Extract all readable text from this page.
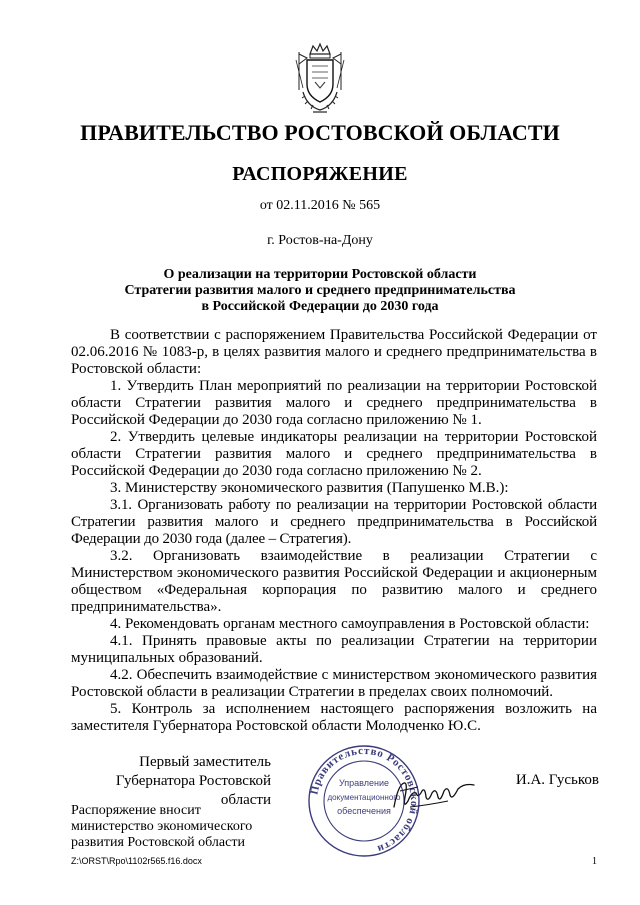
ПРАВИТЕЛЬСТВО РОСТОВСКОЙ ОБЛАСТИ
РАСПОРЯЖЕНИЕ
от 02.11.2016 № 565
г. Ростов-на-Дону
О реализации на территории Ростовской области
Стратегии развития малого и среднего предпринимательства
в Российской Федерации до 2030 года

В соответствии с распоряжением Правительства Российской Федерации от 02.06.2016 № 1083-р, в целях развития малого и среднего предпринимательства в Ростовской области:

1. Утвердить План мероприятий по реализации на территории Ростовской области Стратегии развития малого и среднего предпринимательства в Российской Федерации до 2030 года согласно приложению № 1.

2. Утвердить целевые индикаторы реализации на территории Ростовской области Стратегии развития малого и среднего предпринимательства в Российской Федерации до 2030 года согласно приложению № 2.

3. Министерству экономического развития (Папушенко М.В.):

3.1. Организовать работу по реализации на территории Ростовской области Стратегии развития малого и среднего предпринимательства в Российской Федерации до 2030 года (далее – Стратегия).

3.2. Организовать взаимодействие в реализации Стратегии с Министерством экономического развития Российской Федерации и акционерным обществом «Федеральная корпорация по развитию малого и среднего предпринимательства».

4. Рекомендовать органам местного самоуправления в Ростовской области:

4.1. Принять правовые акты по реализации Стратегии на территории муниципальных образований.

4.2. Обеспечить взаимодействие с министерством экономического развития Ростовской области в реализации Стратегии в пределах своих полномочий.

5. Контроль за исполнением настоящего распоряжения возложить на заместителя Губернатора Ростовской области Молодченко Ю.С.

Первый заместитель
Губернатора Ростовской области
И.А. Гуськов
Правительство Ростовской области
Управление
документационного
обеспечения
Распоряжение вносит
министерство экономического
развития Ростовской области
Z:\ORST\Rpo\1102r565.f16.docx	1
